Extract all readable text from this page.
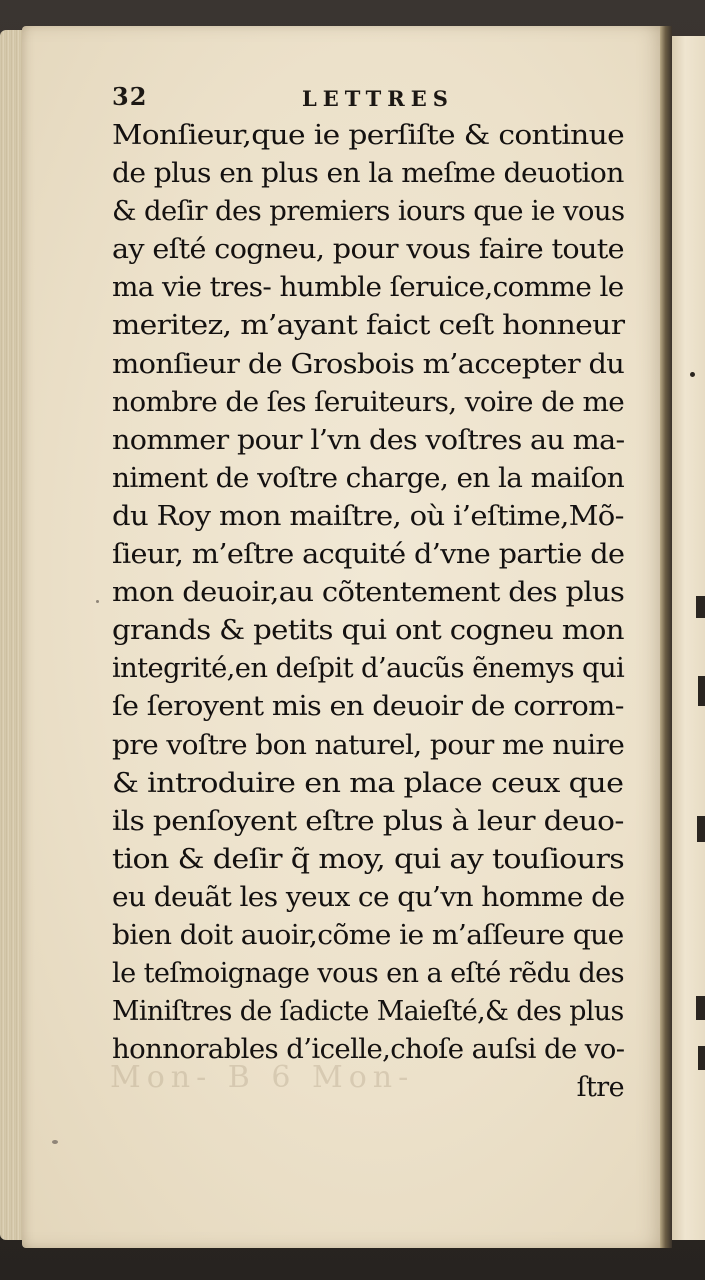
Mon- B 6 Mon-
32	LETTRES
Monſieur,que ie perſiſte & continue
de plus en plus en la meſme deuotion
& deſir des premiers iours que ie vous
ay eſté cogneu, pour vous faire toute
ma vie tres- humble ſeruice,comme le
meritez, m’ayant faict ceſt honneur
monſieur de Grosbois m’accepter du
nombre de ſes ſeruiteurs, voire de me
nommer pour l’vn des voſtres au ma-
niment de voſtre charge, en la maiſon
du Roy mon maiſtre, où i’eſtime,Mõ-
ſieur, m’eſtre acquité d’vne partie de
mon deuoir,au cõtentement des plus
grands & petits qui ont cogneu mon
integrité,en deſpit d’aucũs ẽnemys qui
ſe ſeroyent mis en deuoir de corrom-
pre voſtre bon naturel, pour me nuire
& introduire en ma place ceux que
ils penſoyent eſtre plus à leur deuo-
tion & deſir q̃ moy, qui ay touſiours
eu deuãt les yeux ce qu’vn homme de
bien doit auoir,cõme ie m’aſſeure que
le teſmoignage vous en a eſté rẽdu des
Miniſtres de ſadicte Maieſté,& des plus
honnorables d’icelle,choſe auſsi de vo-
ſtre
